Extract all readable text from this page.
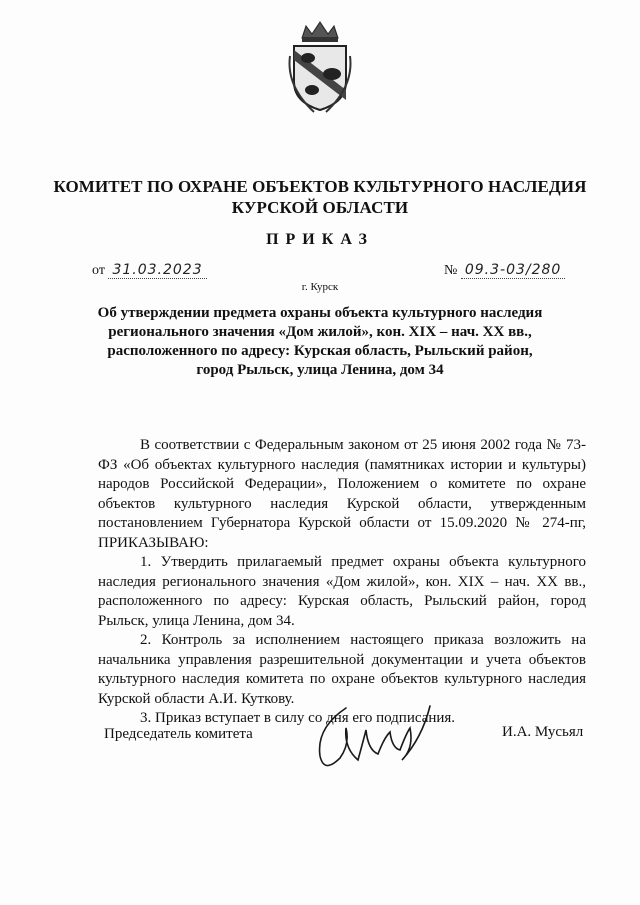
КОМИТЕТ ПО ОХРАНЕ ОБЪЕКТОВ КУЛЬТУРНОГО НАСЛЕДИЯ
КУРСКОЙ ОБЛАСТИ
ПРИКАЗ
от 31.03.2023	№ 09.3-03/280
г. Курск
Об утверждении предмета охраны объекта культурного наследия регионального значения «Дом жилой», кон. XIX – нач. XX вв., расположенного по адресу: Курская область, Рыльский район, город Рыльск, улица Ленина, дом 34

В соответствии с Федеральным законом от 25 июня 2002 года № 73-ФЗ «Об объектах культурного наследия (памятниках истории и культуры) народов Российской Федерации», Положением о комитете по охране объектов культурного наследия Курской области, утвержденным постановлением Губернатора Курской области от 15.09.2020 № 274-пг, ПРИКАЗЫВАЮ:

1. Утвердить прилагаемый предмет охраны объекта культурного наследия регионального значения «Дом жилой», кон. XIX – нач. XX вв., расположенного по адресу: Курская область, Рыльский район, город Рыльск, улица Ленина, дом 34.

2. Контроль за исполнением настоящего приказа возложить на начальника управления разрешительной документации и учета объектов культурного наследия комитета по охране объектов культурного наследия Курской области А.И. Куткову.

3. Приказ вступает в силу со дня его подписания.

Председатель комитета	И.А. Мусьял
